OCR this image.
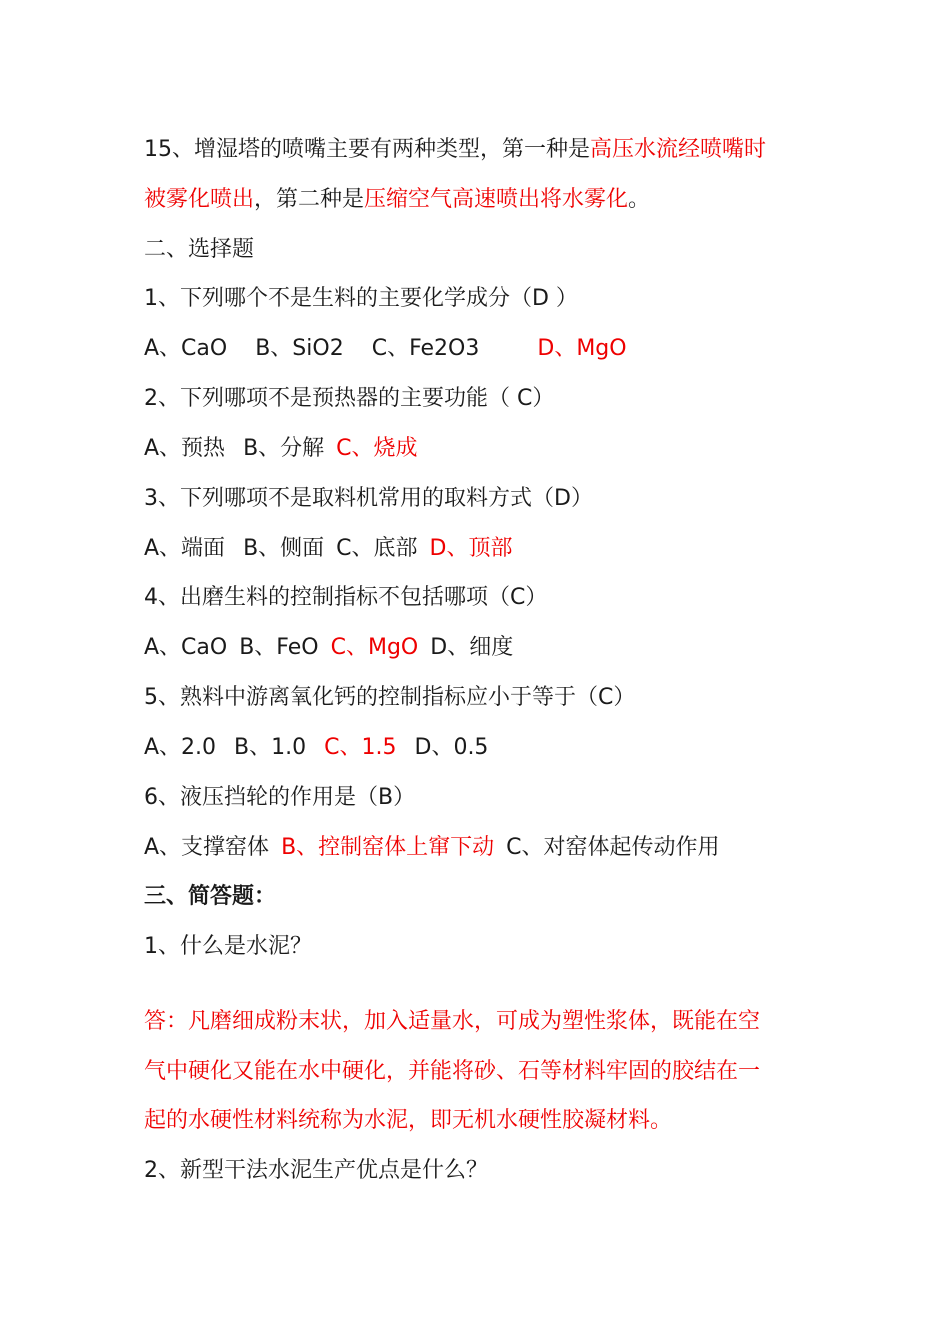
15、增湿塔的喷嘴主要有两种类型，第一种是高压水流经喷嘴时
被雾化喷出，第二种是压缩空气高速喷出将水雾化。
二、选择题
1、下列哪个不是生料的主要化学成分（D ）
A、CaO B、SiO2 C、Fe2O3	D、MgO
2、下列哪项不是预热器的主要功能（ C）
A、预热 B、分解 C、烧成
3、下列哪项不是取料机常用的取料方式（D）
A、端面 B、侧面 C、底部 D、顶部
4、出磨生料的控制指标不包括哪项（C）
A、CaO B、FeO C、MgO D、细度
5、熟料中游离氧化钙的控制指标应小于等于（C）
A、2.0 B、1.0 C、1.5 D、0.5
6、液压挡轮的作用是（B）
A、支撑窑体 B、控制窑体上窜下动 C、对窑体起传动作用
三、简答题：
1、什么是水泥？
答：凡磨细成粉末状，加入适量水，可成为塑性浆体，既能在空
气中硬化又能在水中硬化，并能将砂、石等材料牢固的胶结在一
起的水硬性材料统称为水泥，即无机水硬性胶凝材料。
2、新型干法水泥生产优点是什么？
